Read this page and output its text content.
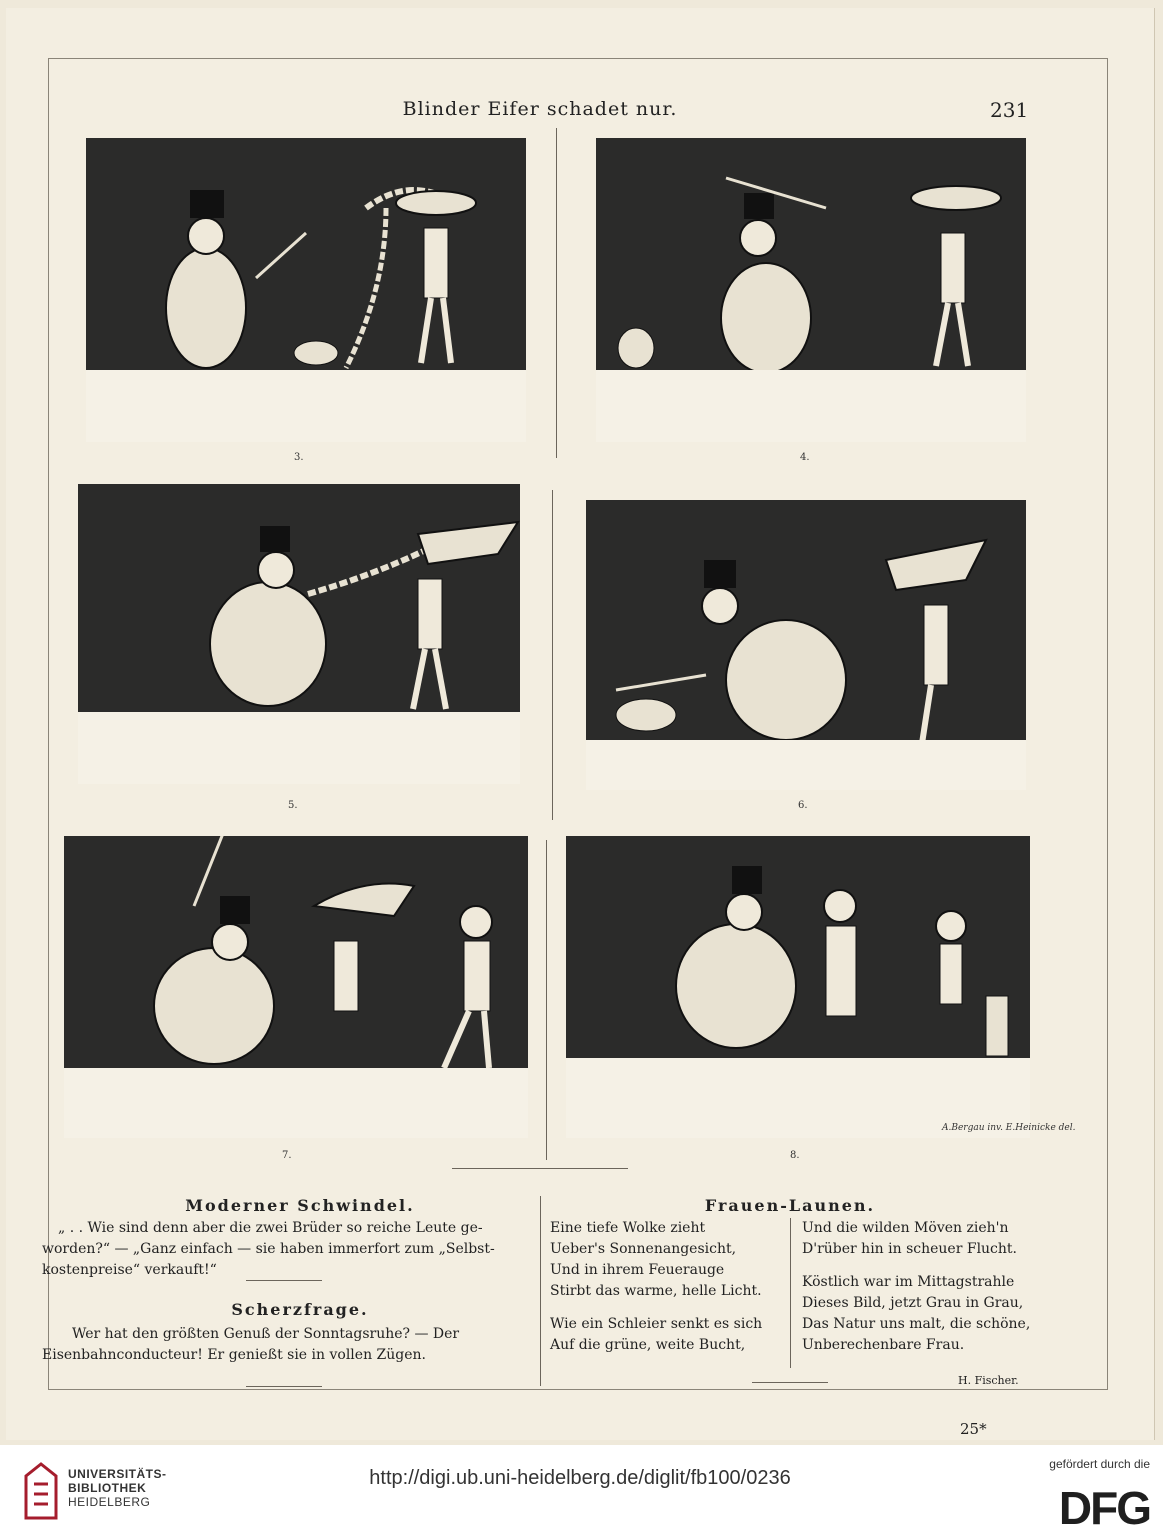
Blinder Eifer schadet nur.	231
3.	4.
5.	6.
7.
A.Bergau inv. E.Heinicke del.
8.
Moderner Schwindel.
„ . . Wie sind denn aber die zwei Brüder so reiche Leute ge-
worden?“ — „Ganz einfach — sie haben immerfort zum „Selbst-
kostenpreise“ verkauft!“
Scherzfrage.
Wer hat den größten Genuß der Sonntagsruhe? — Der
Eisenbahnconducteur! Er genießt sie in vollen Zügen.
Frauen-Launen.
Eine tiefe Wolke zieht
Ueber's Sonnenangesicht,
Und in ihrem Feuerauge
Stirbt das warme, helle Licht.
Wie ein Schleier senkt es sich
Auf die grüne, weite Bucht,
Und die wilden Möven zieh'n
D'rüber hin in scheuer Flucht.
Köstlich war im Mittagstrahle
Dieses Bild, jetzt Grau in Grau,
Das Natur uns malt, die schöne,
Unberechenbare Frau.
H. Fischer.
25*
UNIVERSITÄTS-
BIBLIOTHEK
HEIDELBERG
http://digi.ub.uni-heidelberg.de/diglit/fb100/0236
gefördert durch die
DFG
